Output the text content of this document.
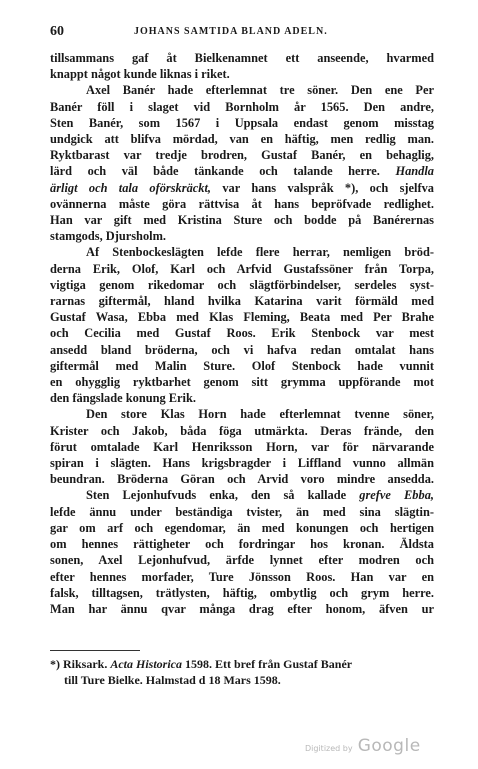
60	JOHANS SAMTIDA BLAND ADELN.
tillsammans gaf åt Bielkenamnet ett anseende, hvarmed
knappt något kunde liknas i riket.
Axel Banér hade efterlemnat tre söner. Den ene Per
Banér föll i slaget vid Bornholm år 1565. Den andre,
Sten Banér, som 1567 i Uppsala endast genom misstag
undgick att blifva mördad, van en häftig, men redlig man.
Ryktbarast var tredje brodren, Gustaf Banér, en behaglig,
lärd och väl både tänkande och talande herre. Handla
ärligt och tala oförskräckt, var hans valspråk *), och sjelfva
ovännerna måste göra rättvisa åt hans bepröfvade redlighet.
Han var gift med Kristina Sture och bodde på Banérernas
stamgods, Djursholm.
Af Stenbockeslägten lefde flere herrar, nemligen bröd-
derna Erik, Olof, Karl och Arfvid Gustafssöner från Torpa,
vigtiga genom rikedomar och slägtförbindelser, serdeles syst-
rarnas giftermål, hland hvilka Katarina varit förmäld med
Gustaf Wasa, Ebba med Klas Fleming, Beata med Per Brahe
och Cecilia med Gustaf Roos. Erik Stenbock var mest
ansedd bland bröderna, och vi hafva redan omtalat hans
giftermål med Malin Sture. Olof Stenbock hade vunnit
en ohygglig ryktbarhet genom sitt grymma uppförande mot
den fängslade konung Erik.
Den store Klas Horn hade efterlemnat tvenne söner,
Krister och Jakob, båda föga utmärkta. Deras frände, den
förut omtalade Karl Henriksson Horn, var för närvarande
spiran i slägten. Hans krigsbragder i Liffland vunno allmän
beundran. Bröderna Göran och Arvid voro mindre ansedda.
Sten Lejonhufvuds enka, den så kallade grefve Ebba,
lefde ännu under beständiga tvister, än med sina slägtin-
gar om arf och egendomar, än med konungen och hertigen
om hennes rättigheter och fordringar hos kronan. Äldsta
sonen, Axel Lejonhufvud, ärfde lynnet efter modren och
efter hennes morfader, Ture Jönsson Roos. Han var en
falsk, tilltagsen, trätlysten, häftig, ombytlig och grym herre.
Man har ännu qvar många drag efter honom, äfven ur
*) Riksark. Acta Historica 1598. Ett bref från Gustaf Banér
till Ture Bielke. Halmstad d 18 Mars 1598.
Digitized by Google
